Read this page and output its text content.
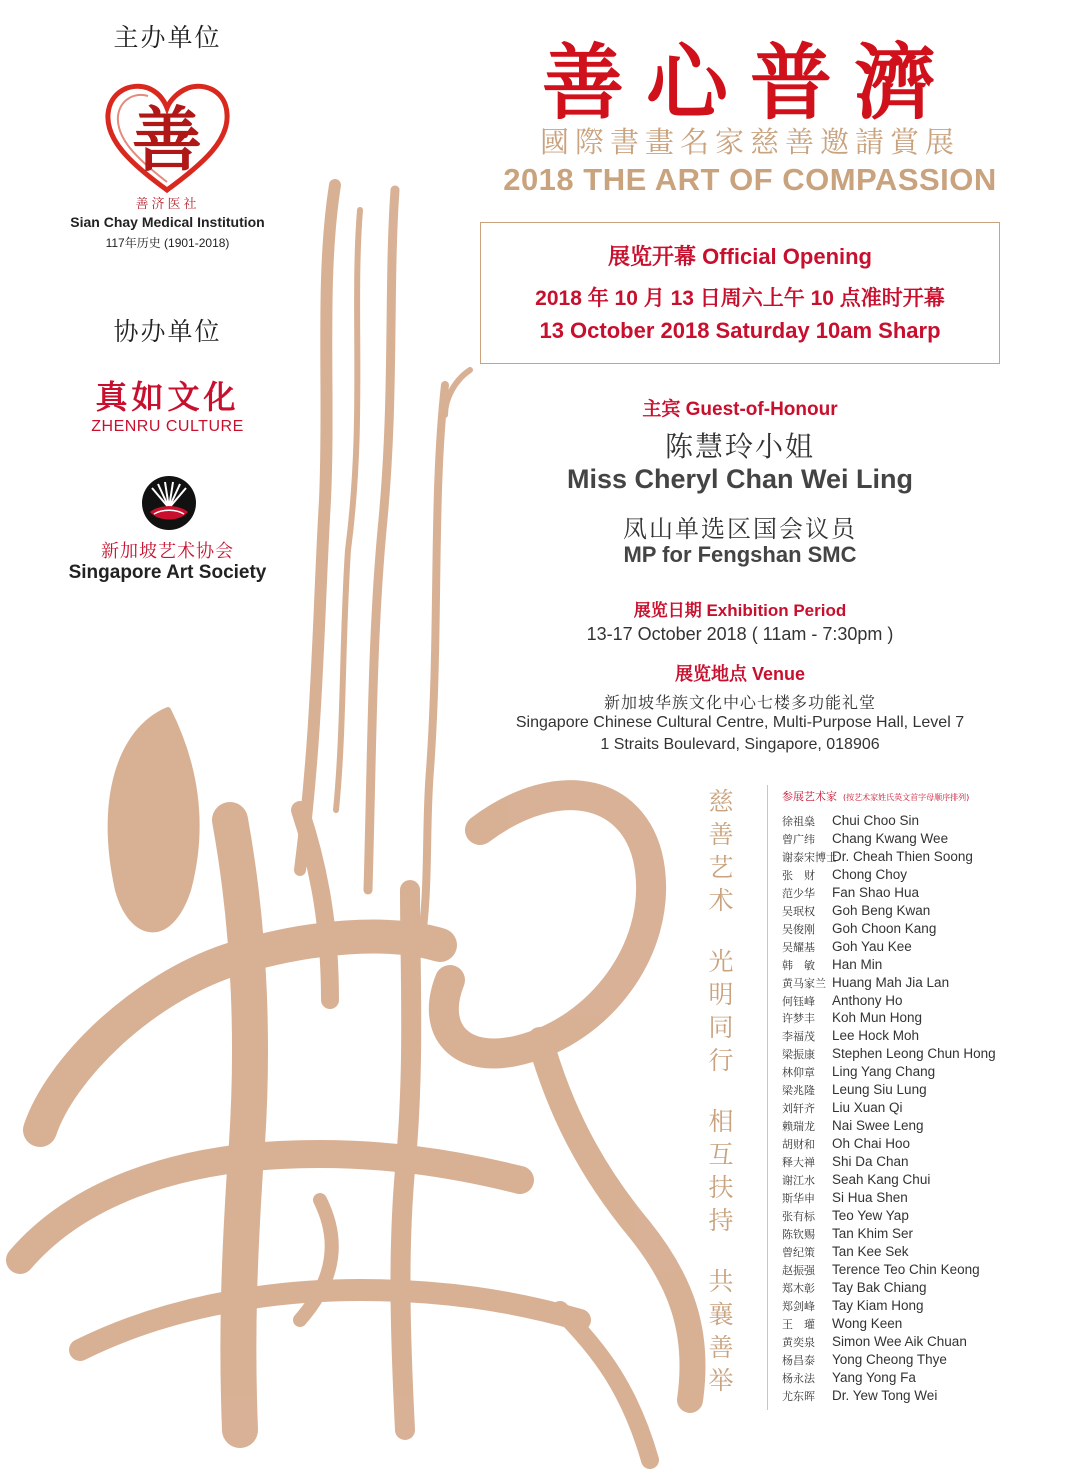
主办单位
善
善济医社
Sian Chay Medical Institution
117年历史 (1901-2018)
协办单位
真如文化
ZHENRU CULTURE
新加坡艺术协会
Singapore Art Society
善心普濟
國際書畫名家慈善邀請賞展
2018 THE ART OF COMPASSION
展览开幕 Official Opening
2018 年 10 月 13 日周六上午 10 点准时开幕
13 October 2018 Saturday 10am Sharp
主宾 Guest-of-Honour
陈慧玲小姐
Miss Cheryl Chan Wei Ling
凤山单选区国会议员
MP for Fengshan SMC
展览日期 Exhibition Period
13-17 October 2018 ( 11am - 7:30pm )
展览地点 Venue
新加坡华族文化中心七楼多功能礼堂
Singapore Chinese Cultural Centre, Multi-Purpose Hall, Level 7
1 Straits Boulevard, Singapore, 018906
慈
善
艺
术
光
明
同
行
相
互
扶
持
共
襄
善
举
参展艺术家 (按艺术家姓氏英文首字母顺序排列)
徐祖燊 Chui Choo Sin
曾广纬 Chang Kwang Wee
谢泰宋博士Dr. Cheah Thien Soong
张　财 Chong Choy
范少华 Fan Shao Hua
吴珉权 Goh Beng Kwan
吴俊刚 Goh Choon Kang
吴耀基 Goh Yau Kee
韩　敏 Han Min
黄马家兰 Huang Mah Jia Lan
何钰峰 Anthony Ho
许梦丰 Koh Mun Hong
李福茂 Lee Hock Moh
梁振康 Stephen Leong Chun Hong
林仰章 Ling Yang Chang
梁兆隆 Leung Siu Lung
刘轩齐 Liu Xuan Qi
赖瑞龙 Nai Swee Leng
胡财和 Oh Chai Hoo
释大禅 Shi Da Chan
谢江水 Seah Kang Chui
斯华申 Si Hua Shen
张有标 Teo Yew Yap
陈钦赐 Tan Khim Ser
曾纪策 Tan Kee Sek
赵振强 Terence Teo Chin Keong
郑木彰 Tay Bak Chiang
郑剑峰 Tay Kiam Hong
王　瓘 Wong Keen
黄奕泉 Simon Wee Aik Chuan
杨昌泰 Yong Cheong Thye
杨永法 Yang Yong Fa
尤东晖 Dr. Yew Tong Wei
